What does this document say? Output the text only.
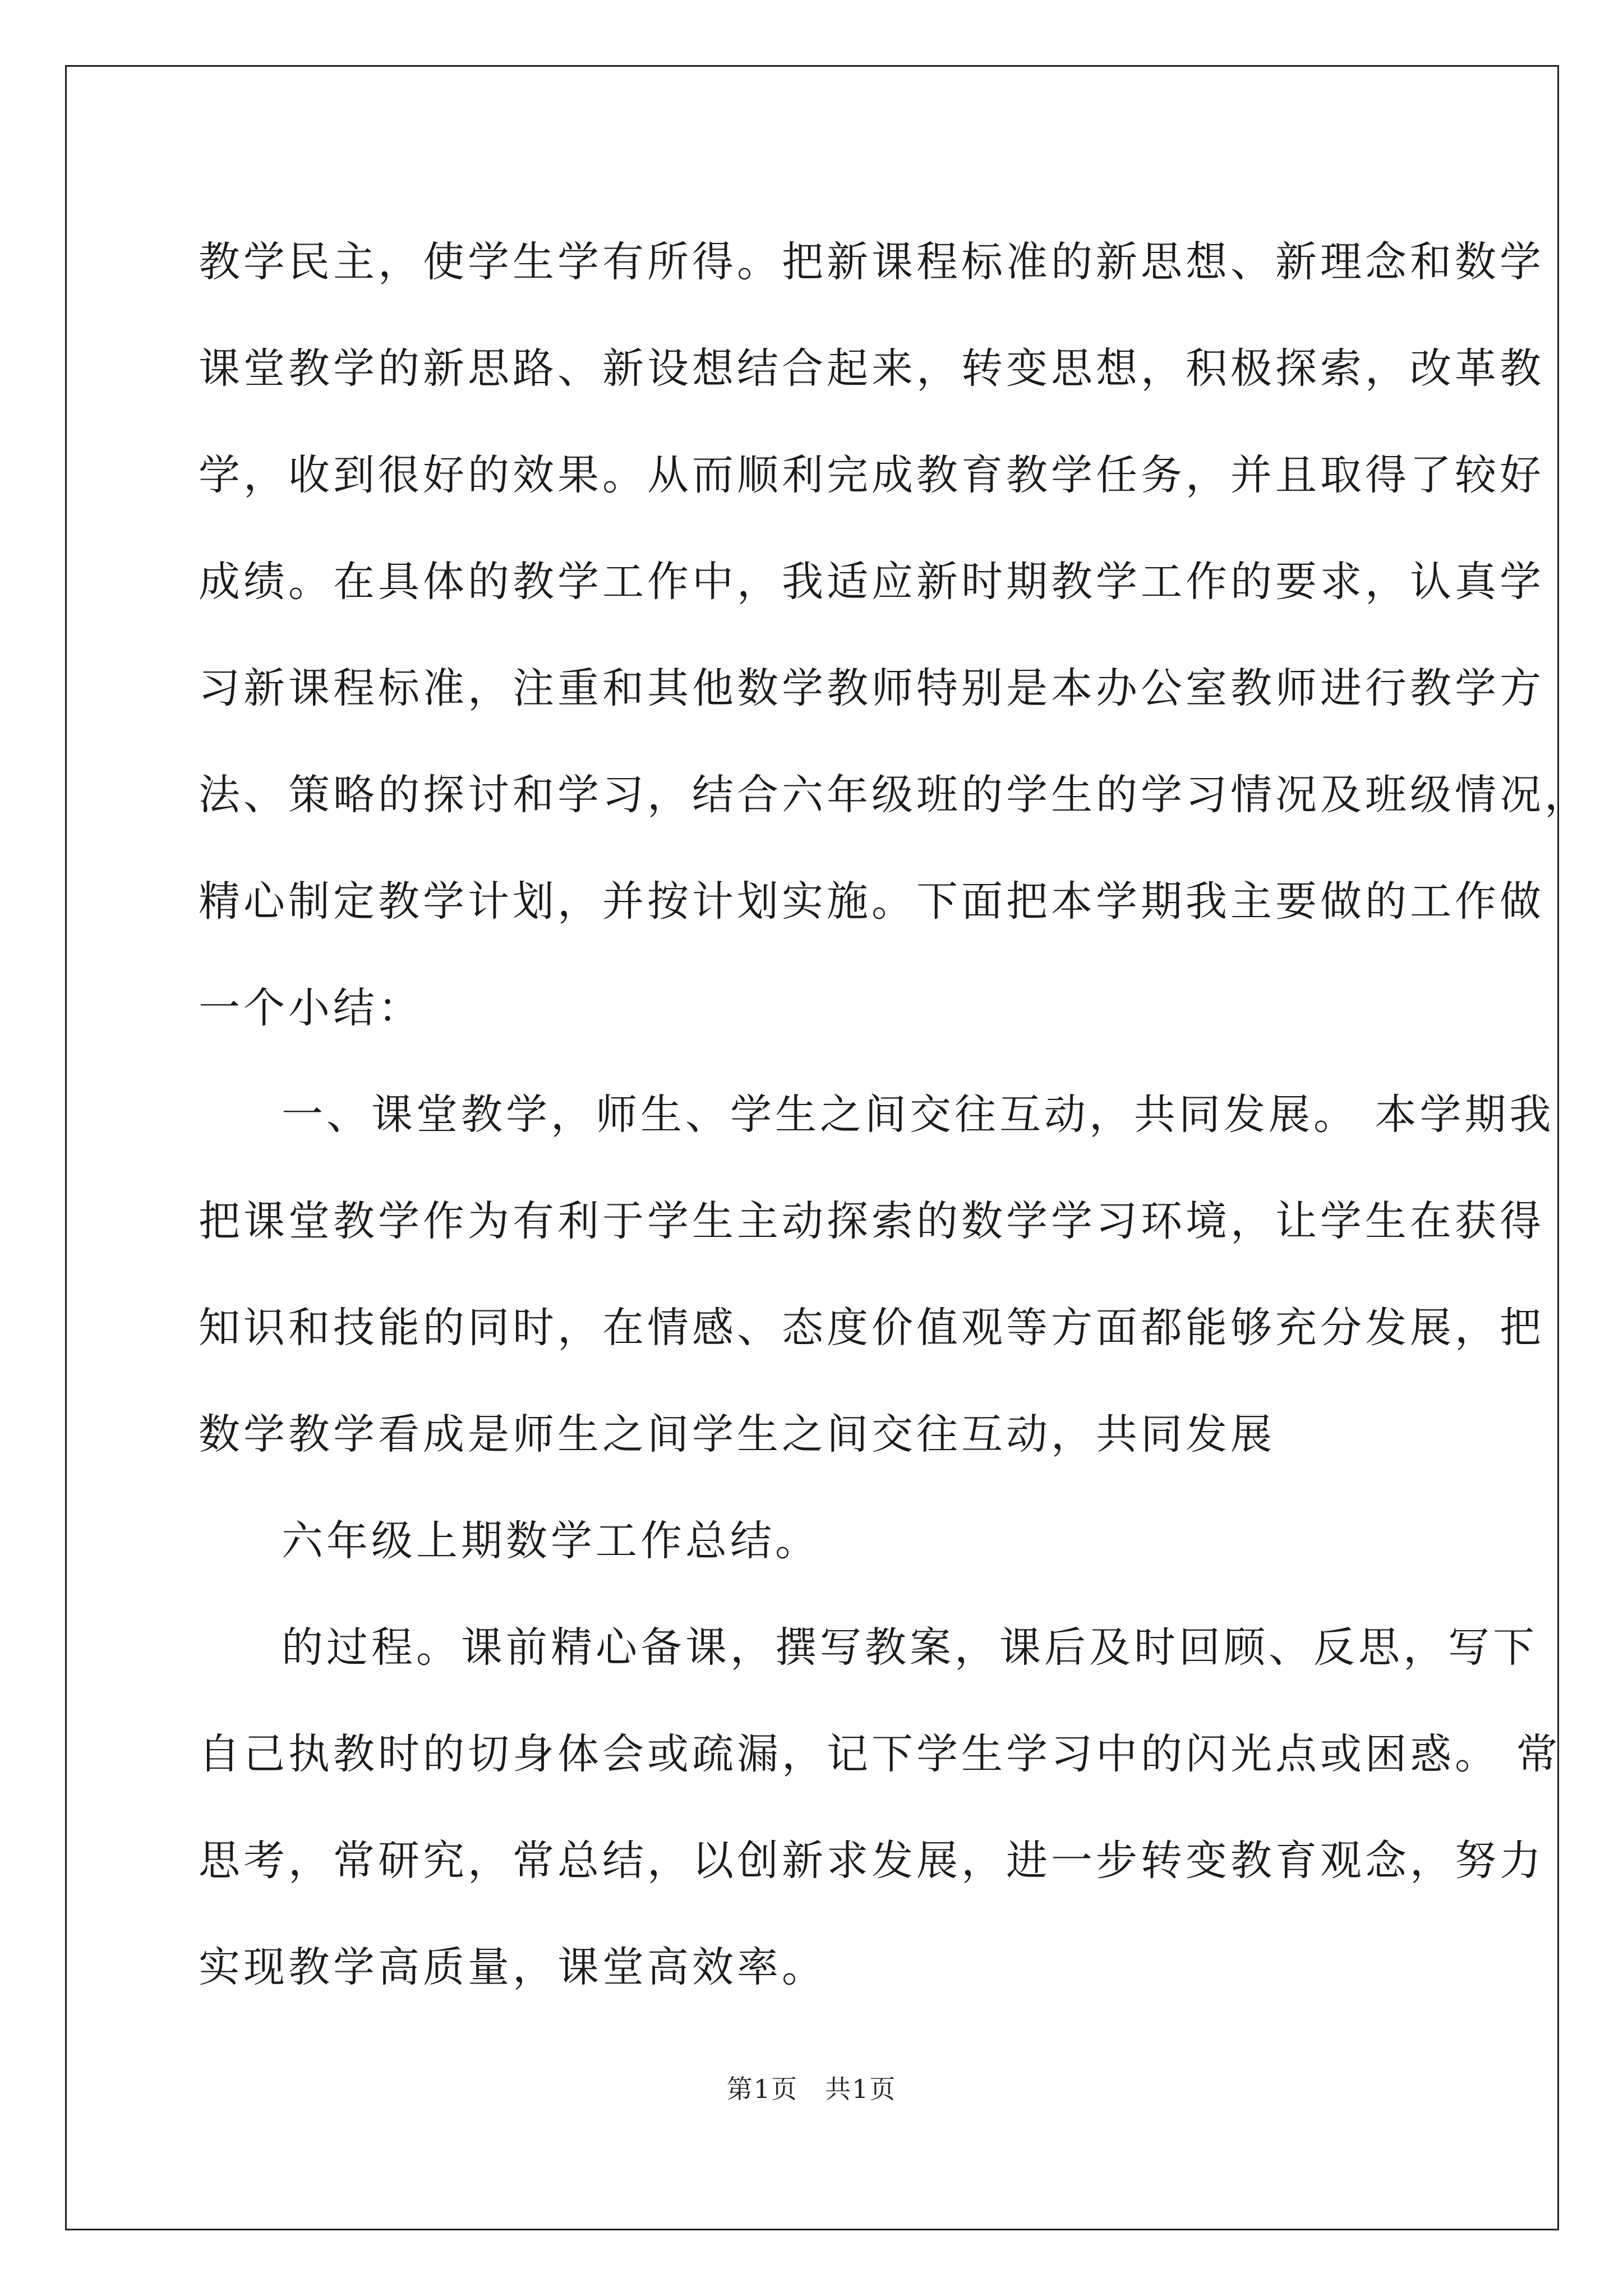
教学民主，使学生学有所得。把新课程标准的新思想、新理念和数学
课堂教学的新思路、新设想结合起来，转变思想，积极探索，改革教
学，收到很好的效果。从而顺利完成教育教学任务，并且取得了较好
成绩。在具体的教学工作中，我适应新时期教学工作的要求，认真学
习新课程标准，注重和其他数学教师特别是本办公室教师进行教学方
法、策略的探讨和学习，结合六年级班的学生的学习情况及班级情况，
精心制定教学计划，并按计划实施。下面把本学期我主要做的工作做
一个小结：
一、课堂教学，师生、学生之间交往互动，共同发展。 本学期我
把课堂教学作为有利于学生主动探索的数学学习环境，让学生在获得
知识和技能的同时，在情感、态度价值观等方面都能够充分发展，把
数学教学看成是师生之间学生之间交往互动，共同发展
六年级上期数学工作总结。
的过程。课前精心备课，撰写教案，课后及时回顾、反思，写下
自己执教时的切身体会或疏漏，记下学生学习中的闪光点或困惑。 常
思考，常研究，常总结，以创新求发展，进一步转变教育观念，努力
实现教学高质量，课堂高效率。
第1页　共1页
